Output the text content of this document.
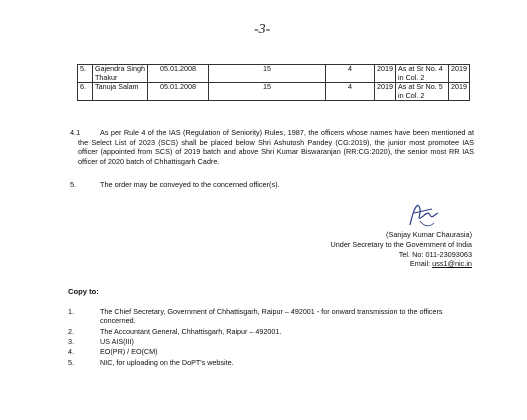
-3-
5.	Gajendra Singh Thakur	05.01.2008	15	4	2019	As at Sr No. 4 in Col. 2	2019
6.	Tanuja Salam	05.01.2008	15	4	2019	As at Sr No. 5 in Col. 2	2019
4.1	As per Rule 4 of the IAS (Regulation of Seniority) Rules, 1987, the officers whose names have been mentioned at the Select List of 2023 (SCS) shall be placed below Shri Ashutosh Pandey (CG:2019), the junior most promotee IAS officer (appointed from SCS) of 2019 batch and above Shri Kumar Biswaranjan (RR:CG:2020), the senior most RR IAS officer of 2020 batch of Chhattisgarh Cadre.
5.	The order may be conveyed to the concerned officer(s).
(Sanjay Kumar Chaurasia)
Under Secretary to the Government of India
Tel. No: 011-23093063
Email: uss1@nic.in
Copy to:
1.	The Chief Secretary, Government of Chhattisgarh, Raipur – 492001 - for onward transmission to the officers concerned.
2.	The Accountant General, Chhattisgarh, Raipur – 492001.
3.	US AIS(III)
4.	EO(PR) / EO(CM)
5.	NIC, for uploading on the DoPT's website.
